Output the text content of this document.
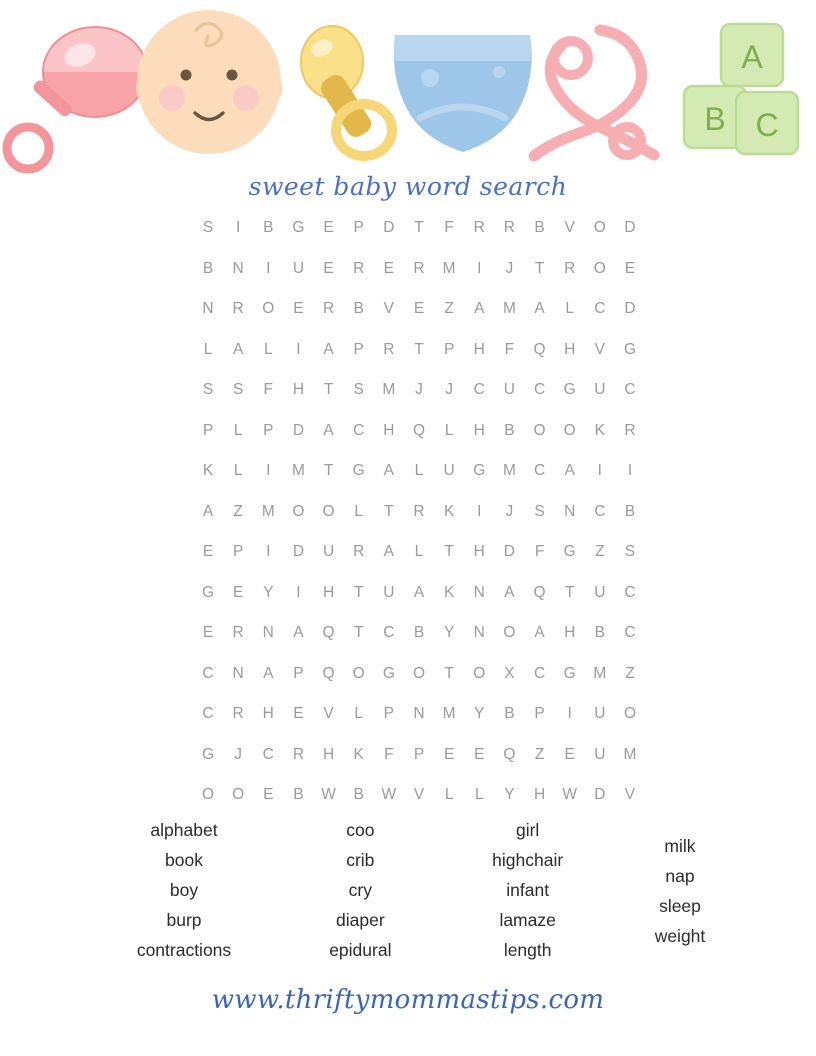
A
B C
sweet baby word search
S	I	B	G	E	P	D	T	F	R	R	B	V	O	D
B	N	I	U	E	R	E	R	M	I	J	T	R	O	E
N	R	O	E	R	B	V	E	Z	A	M	A	L	C	D
L	A	L	I	A	P	R	T	P	H	F	Q	H	V	G
S	S	F	H	T	S	M	J	J	C	U	C	G	U	C
P	L	P	D	A	C	H	Q	L	H	B	O	O	K	R
K	L	I	M	T	G	A	L	U	G	M	C	A	I	I
A	Z	M	O	O	L	T	R	K	I	J	S	N	C	B
E	P	I	D	U	R	A	L	T	H	D	F	G	Z	S
G	E	Y	I	H	T	U	A	K	N	A	Q	T	U	C
E	R	N	A	Q	T	C	B	Y	N	O	A	H	B	C
C	N	A	P	Q	O	G	O	T	O	X	C	G	M	Z
C	R	H	E	V	L	P	N	M	Y	B	P	I	U	O
G	J	C	R	H	K	F	P	E	E	Q	Z	E	U	M
O	O	E	B	W	B	W	V	L	L	Y	H	W	D	V
alphabet
book
boy
burp
contractions
coo
crib
cry
diaper
epidural
girl
highchair
infant
lamaze
length
milk
nap
sleep
weight
www.thriftymommastips.com
